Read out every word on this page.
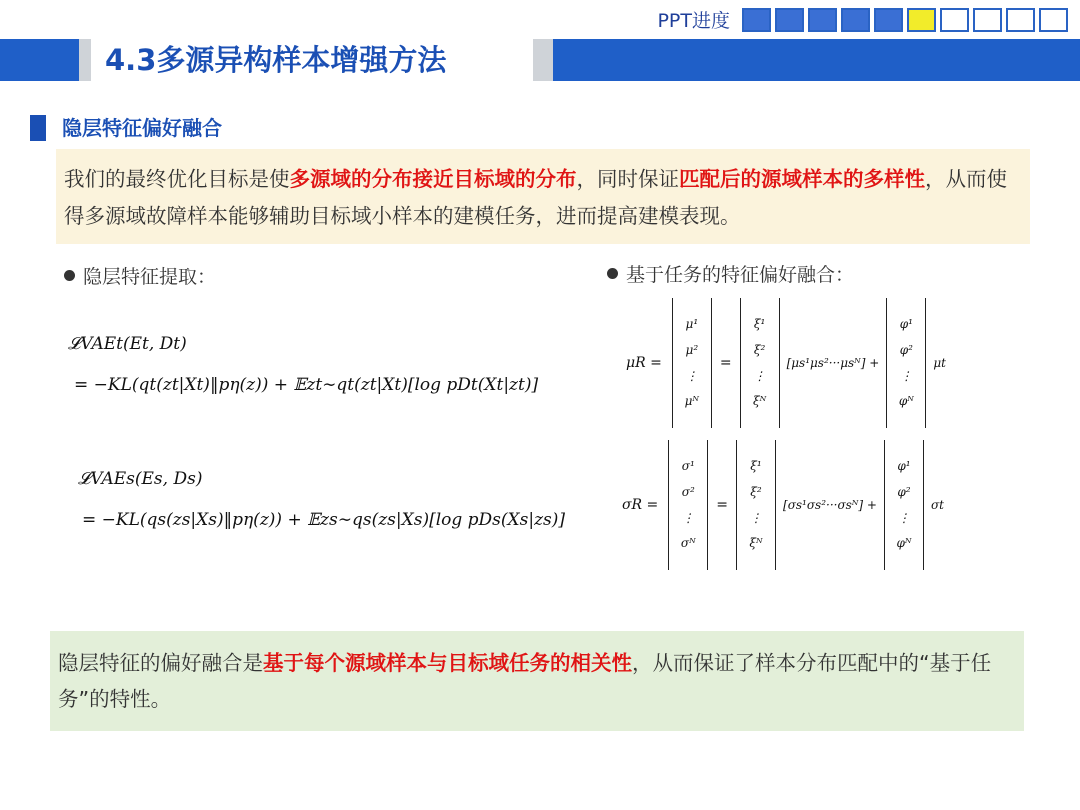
PPT进度
4.3多源异构样本增强方法
隐层特征偏好融合
我们的最终优化目标是使多源域的分布接近目标域的分布，同时保证匹配后的源域样本的多样性，从而使得多源域故障样本能够辅助目标域小样本的建模任务，进而提高建模表现。
隐层特征提取：	基于任务的特征偏好融合：
𝓛VAEt(Et, Dt)
= −KL(qt(zt|Xt)‖pη(z)) + 𝔼zt∼qt(zt|Xt)[log pDt(Xt|zt)]
𝓛VAEs(Es, Ds)
= −KL(qs(zs|Xs)‖pη(z)) + 𝔼zs∼qs(zs|Xs)[log pDs(Xs|zs)]
μR =
μ¹
μ²
⋮
μᴺ
=
ξ¹
ξ²
⋮
ξᴺ
[μs¹μs²···μsᴺ] +
φ¹
φ²
⋮
φᴺ
μt
σR =
σ¹
σ²
⋮
σᴺ
=
ξ¹
ξ²
⋮
ξᴺ
[σs¹σs²···σsᴺ] +
φ¹
φ²
⋮
φᴺ
σt
隐层特征的偏好融合是基于每个源域样本与目标域任务的相关性，从而保证了样本分布匹配中的“基于任务”的特性。
